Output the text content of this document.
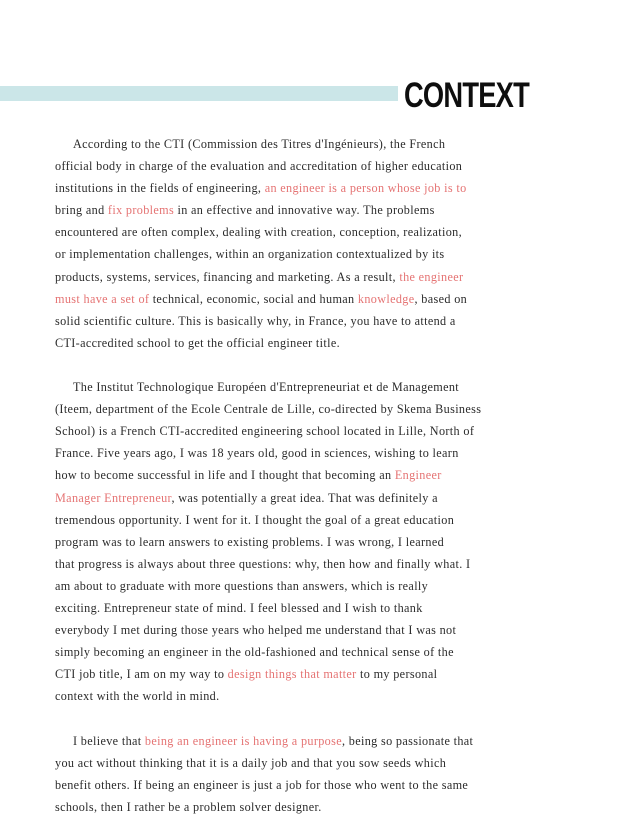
CONTEXT

According to the CTI (Commission des Titres d'Ingénieurs), the French
official body in charge of the evaluation and accreditation of higher education
institutions in the fields of engineering, an engineer is a person whose job is to
bring and fix problems in an effective and innovative way. The problems
encountered are often complex, dealing with creation, conception, realization,
or implementation challenges, within an organization contextualized by its
products, systems, services, financing and marketing. As a result, the engineer
must have a set of technical, economic, social and human knowledge, based on
solid scientific culture. This is basically why, in France, you have to attend a
CTI-accredited school to get the official engineer title.

The Institut Technologique Européen d'Entrepreneuriat et de Management
(Iteem, department of the Ecole Centrale de Lille, co-directed by Skema Business
School) is a French CTI-accredited engineering school located in Lille, North of
France. Five years ago, I was 18 years old, good in sciences, wishing to learn
how to become successful in life and I thought that becoming an Engineer
Manager Entrepreneur, was potentially a great idea. That was definitely a
tremendous opportunity. I went for it. I thought the goal of a great education
program was to learn answers to existing problems. I was wrong, I learned
that progress is always about three questions: why, then how and finally what. I
am about to graduate with more questions than answers, which is really
exciting. Entrepreneur state of mind. I feel blessed and I wish to thank
everybody I met during those years who helped me understand that I was not
simply becoming an engineer in the old-fashioned and technical sense of the
CTI job title, I am on my way to design things that matter to my personal
context with the world in mind.

I believe that being an engineer is having a purpose, being so passionate that
you act without thinking that it is a daily job and that you sow seeds which
benefit others. If being an engineer is just a job for those who went to the same
schools, then I rather be a problem solver designer.
